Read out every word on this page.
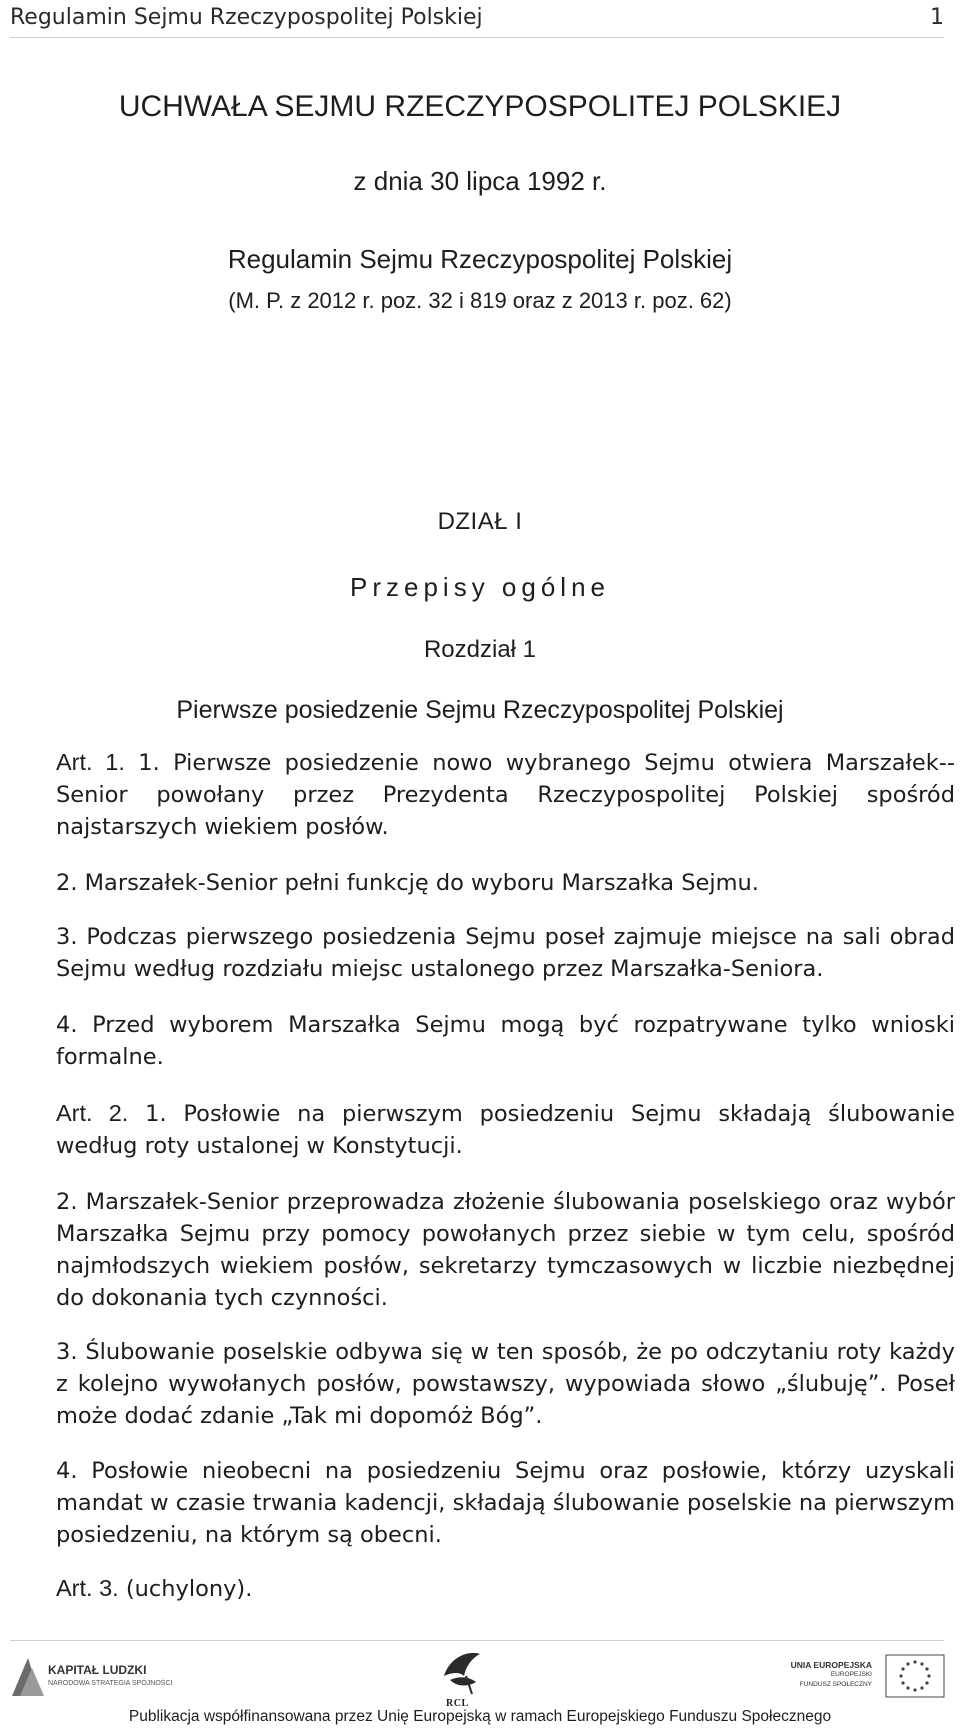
Regulamin Sejmu Rzeczypospolitej Polskiej	1
UCHWAŁA SEJMU RZECZYPOSPOLITEJ POLSKIEJ
z dnia 30 lipca 1992 r.
Regulamin Sejmu Rzeczypospolitej Polskiej
(M. P. z 2012 r. poz. 32 i 819 oraz z 2013 r. poz. 62)
DZIAŁ I
Przepisy ogólne
Rozdział 1
Pierwsze posiedzenie Sejmu Rzeczypospolitej Polskiej
Art. 1. 1. Pierwsze posiedzenie nowo wybranego Sejmu otwiera Marszałek--Senior powołany przez Prezydenta Rzeczypospolitej Polskiej spośród najstarszych wiekiem posłów.
2. Marszałek-Senior pełni funkcję do wyboru Marszałka Sejmu.
3. Podczas pierwszego posiedzenia Sejmu poseł zajmuje miejsce na sali obrad Sejmu według rozdziału miejsc ustalonego przez Marszałka-Seniora.
4. Przed wyborem Marszałka Sejmu mogą być rozpatrywane tylko wnioski formalne.
Art. 2. 1. Posłowie na pierwszym posiedzeniu Sejmu składają ślubowanie według roty ustalonej w Konstytucji.
2. Marszałek-Senior przeprowadza złożenie ślubowania poselskiego oraz wybór Marszałka Sejmu przy pomocy powołanych przez siebie w tym celu, spośród najmłodszych wiekiem posłów, sekretarzy tymczasowych w liczbie niezbędnej do dokonania tych czynności.
3. Ślubowanie poselskie odbywa się w ten sposób, że po odczytaniu roty każdy z kolejno wywołanych posłów, powstawszy, wypowiada słowo „ślubuję”. Poseł może dodać zdanie „Tak mi dopomóż Bóg”.
4. Posłowie nieobecni na posiedzeniu Sejmu oraz posłowie, którzy uzyskali mandat w czasie trwania kadencji, składają ślubowanie poselskie na pierwszym posiedzeniu, na którym są obecni.
Art. 3. (uchylony).
KAPITAŁ LUDZKI
NARODOWA STRATEGIA SPÓJNOŚCI
RCL
UNIA EUROPEJSKA
EUROPEJSKI
FUNDUSZ SPOŁECZNY
Publikacja współfinansowana przez Unię Europejską w ramach Europejskiego Funduszu Społecznego
